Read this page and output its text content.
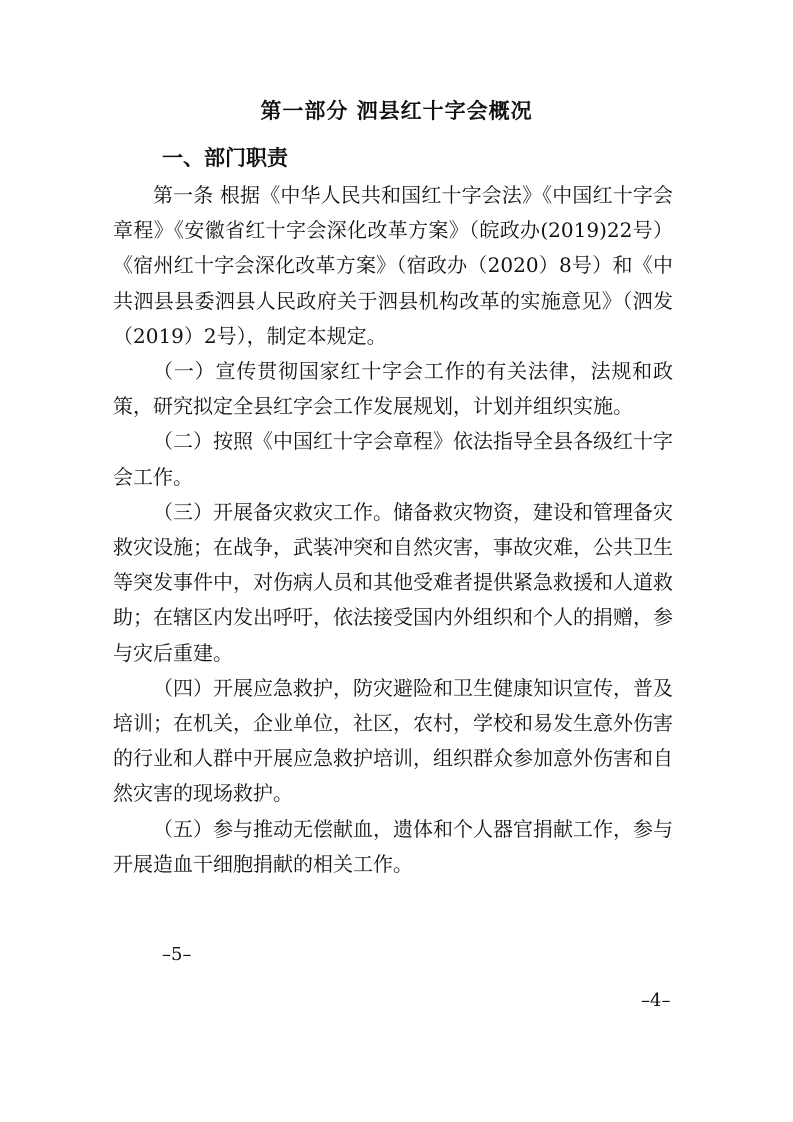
第一部分 泗县红十字会概况
一、部门职责

第一条 根据《中华人民共和国红十字会法》《中国红十字会章程》《安徽省红十字会深化改革方案》（皖政办(2019)22号）《宿州红十字会深化改革方案》（宿政办（2020）8号）和《中共泗县县委泗县人民政府关于泗县机构改革的实施意见》（泗发（2019）2号），制定本规定。

（一）宣传贯彻国家红十字会工作的有关法律，法规和政策，研究拟定全县红字会工作发展规划，计划并组织实施。

（二）按照《中国红十字会章程》依法指导全县各级红十字会工作。

（三）开展备灾救灾工作。储备救灾物资，建设和管理备灾救灾设施；在战争，武装冲突和自然灾害，事故灾难，公共卫生等突发事件中，对伤病人员和其他受难者提供紧急救援和人道救助；在辖区内发出呼吁，依法接受国内外组织和个人的捐赠，参与灾后重建。

（四）开展应急救护，防灾避险和卫生健康知识宣传，普及培训；在机关，企业单位，社区，农村，学校和易发生意外伤害的行业和人群中开展应急救护培训，组织群众参加意外伤害和自然灾害的现场救护。

（五）参与推动无偿献血，遗体和个人器官捐献工作，参与开展造血干细胞捐献的相关工作。

–5–
–4–
